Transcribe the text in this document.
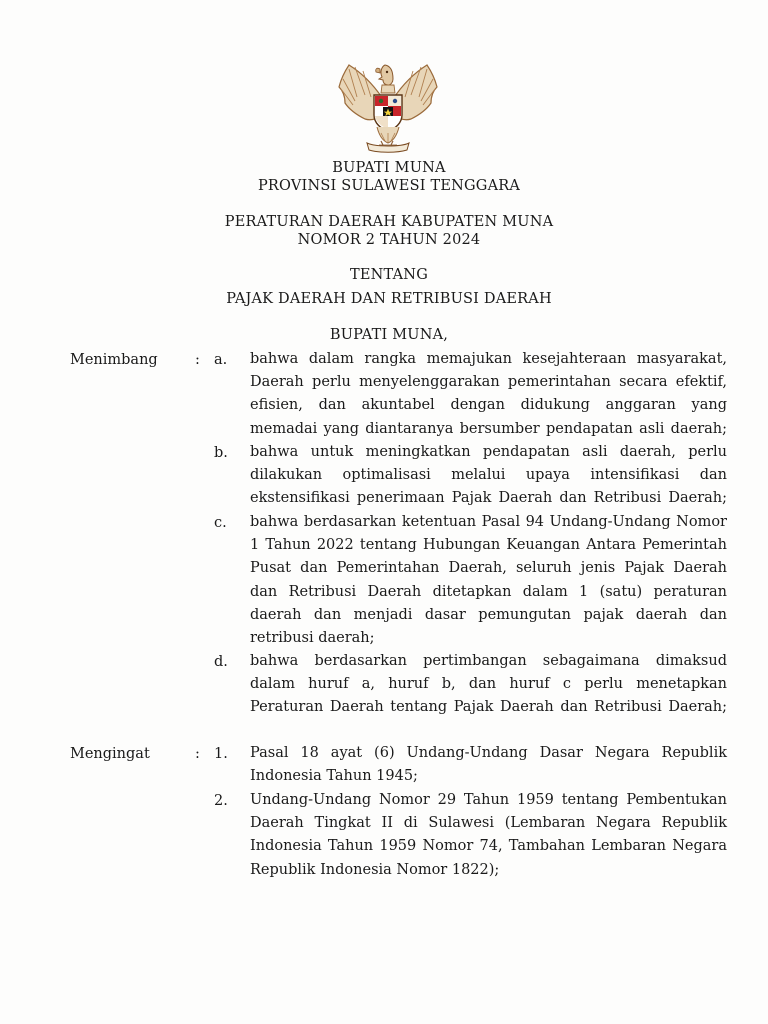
BUPATI MUNA
PROVINSI SULAWESI TENGGARA
PERATURAN DAERAH KABUPATEN MUNA
NOMOR 2 TAHUN 2024
TENTANG
PAJAK DAERAH DAN RETRIBUSI DAERAH
BUPATI MUNA,
Menimbang	: a. bahwa dalam rangka memajukan kesejahteraan masyarakat,
Daerah perlu menyelenggarakan pemerintahan secara efektif,
efisien, dan akuntabel dengan didukung anggaran yang
memadai yang diantaranya bersumber pendapatan asli daerah;
b. bahwa untuk meningkatkan pendapatan asli daerah, perlu
dilakukan optimalisasi melalui upaya intensifikasi dan
ekstensifikasi penerimaan Pajak Daerah dan Retribusi Daerah;
c. bahwa berdasarkan ketentuan Pasal 94 Undang-Undang Nomor
1 Tahun 2022 tentang Hubungan Keuangan Antara Pemerintah
Pusat dan Pemerintahan Daerah, seluruh jenis Pajak Daerah
dan Retribusi Daerah ditetapkan dalam 1 (satu) peraturan
daerah dan menjadi dasar pemungutan pajak daerah dan
retribusi daerah;
d. bahwa berdasarkan pertimbangan sebagaimana dimaksud
dalam huruf a, huruf b, dan huruf c perlu menetapkan
Peraturan Daerah tentang Pajak Daerah dan Retribusi Daerah;
Mengingat	: 1. Pasal 18 ayat (6) Undang-Undang Dasar Negara Republik
Indonesia Tahun 1945;
2. Undang-Undang Nomor 29 Tahun 1959 tentang Pembentukan
Daerah Tingkat II di Sulawesi (Lembaran Negara Republik
Indonesia Tahun 1959 Nomor 74, Tambahan Lembaran Negara
Republik Indonesia Nomor 1822);
